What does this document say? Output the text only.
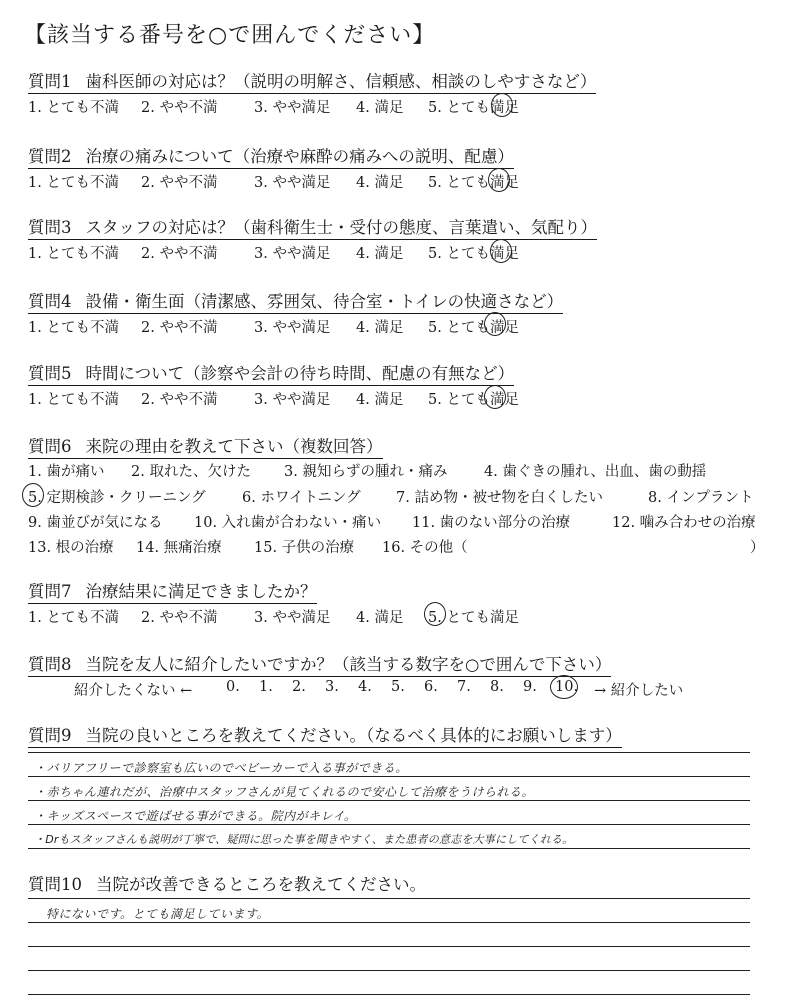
【該当する番号を○で囲んでください】
質問1 歯科医師の対応は？（説明の明解さ、信頼感、相談のしやすさなど）
1. とても不満 2. やや不満	3. やや満足 4. 満足 5. とても満足
質問2 治療の痛みについて（治療や麻酔の痛みへの説明、配慮）
1. とても不満 2. やや不満	3. やや満足 4. 満足 5. とても満足
質問3 スタッフの対応は？（歯科衛生士・受付の態度、言葉遣い、気配り）
1. とても不満 2. やや不満	3. やや満足 4. 満足 5. とても満足
質問4 設備・衛生面（清潔感、雰囲気、待合室・トイレの快適さなど）
1. とても不満 2. やや不満	3. やや満足 4. 満足 5. とても満足
質問5 時間について（診察や会計の待ち時間、配慮の有無など）
1. とても不満 2. やや不満	3. やや満足 4. 満足 5. とても満足
質問6 来院の理由を教えて下さい（複数回答）
1. 歯が痛い 2. 取れた、欠けた 3. 親知らずの腫れ・痛み	4. 歯ぐきの腫れ、出血、歯の動揺
5. 定期検診・クリーニング	6. ホワイトニング 7. 詰め物・被せ物を白くしたい	8. インプラント
9. 歯並びが気になる 10. 入れ歯が合わない・痛い 11. 歯のない部分の治療	12. 噛み合わせの治療
13. 根の治療 14. 無痛治療 15. 子供の治療 16. その他（	）
質問7 治療結果に満足できましたか？
1. とても不満 2. やや不満	3. やや満足 4. 満足 5. とても満足
質問8 当院を友人に紹介したいですか？（該当する数字を○で囲んで下さい）
紹介したくない ← 0. 1. 2. 3. 4. 5. 6. 7. 8. 9. 10. → 紹介したい
質問9 当院の良いところを教えてください。（なるべく具体的にお願いします）
・バリアフリーで診察室も広いのでベビーカーで入る事ができる。
・赤ちゃん連れだが、治療中スタッフさんが見てくれるので安心して治療をうけられる。
・キッズスペースで遊ばせる事ができる。院内がキレイ。
・Drもスタッフさんも説明が丁寧で、疑問に思った事を聞きやすく、また患者の意志を大事にしてくれる。
質問10 当院が改善できるところを教えてください。
特にないです。とても満足しています。
